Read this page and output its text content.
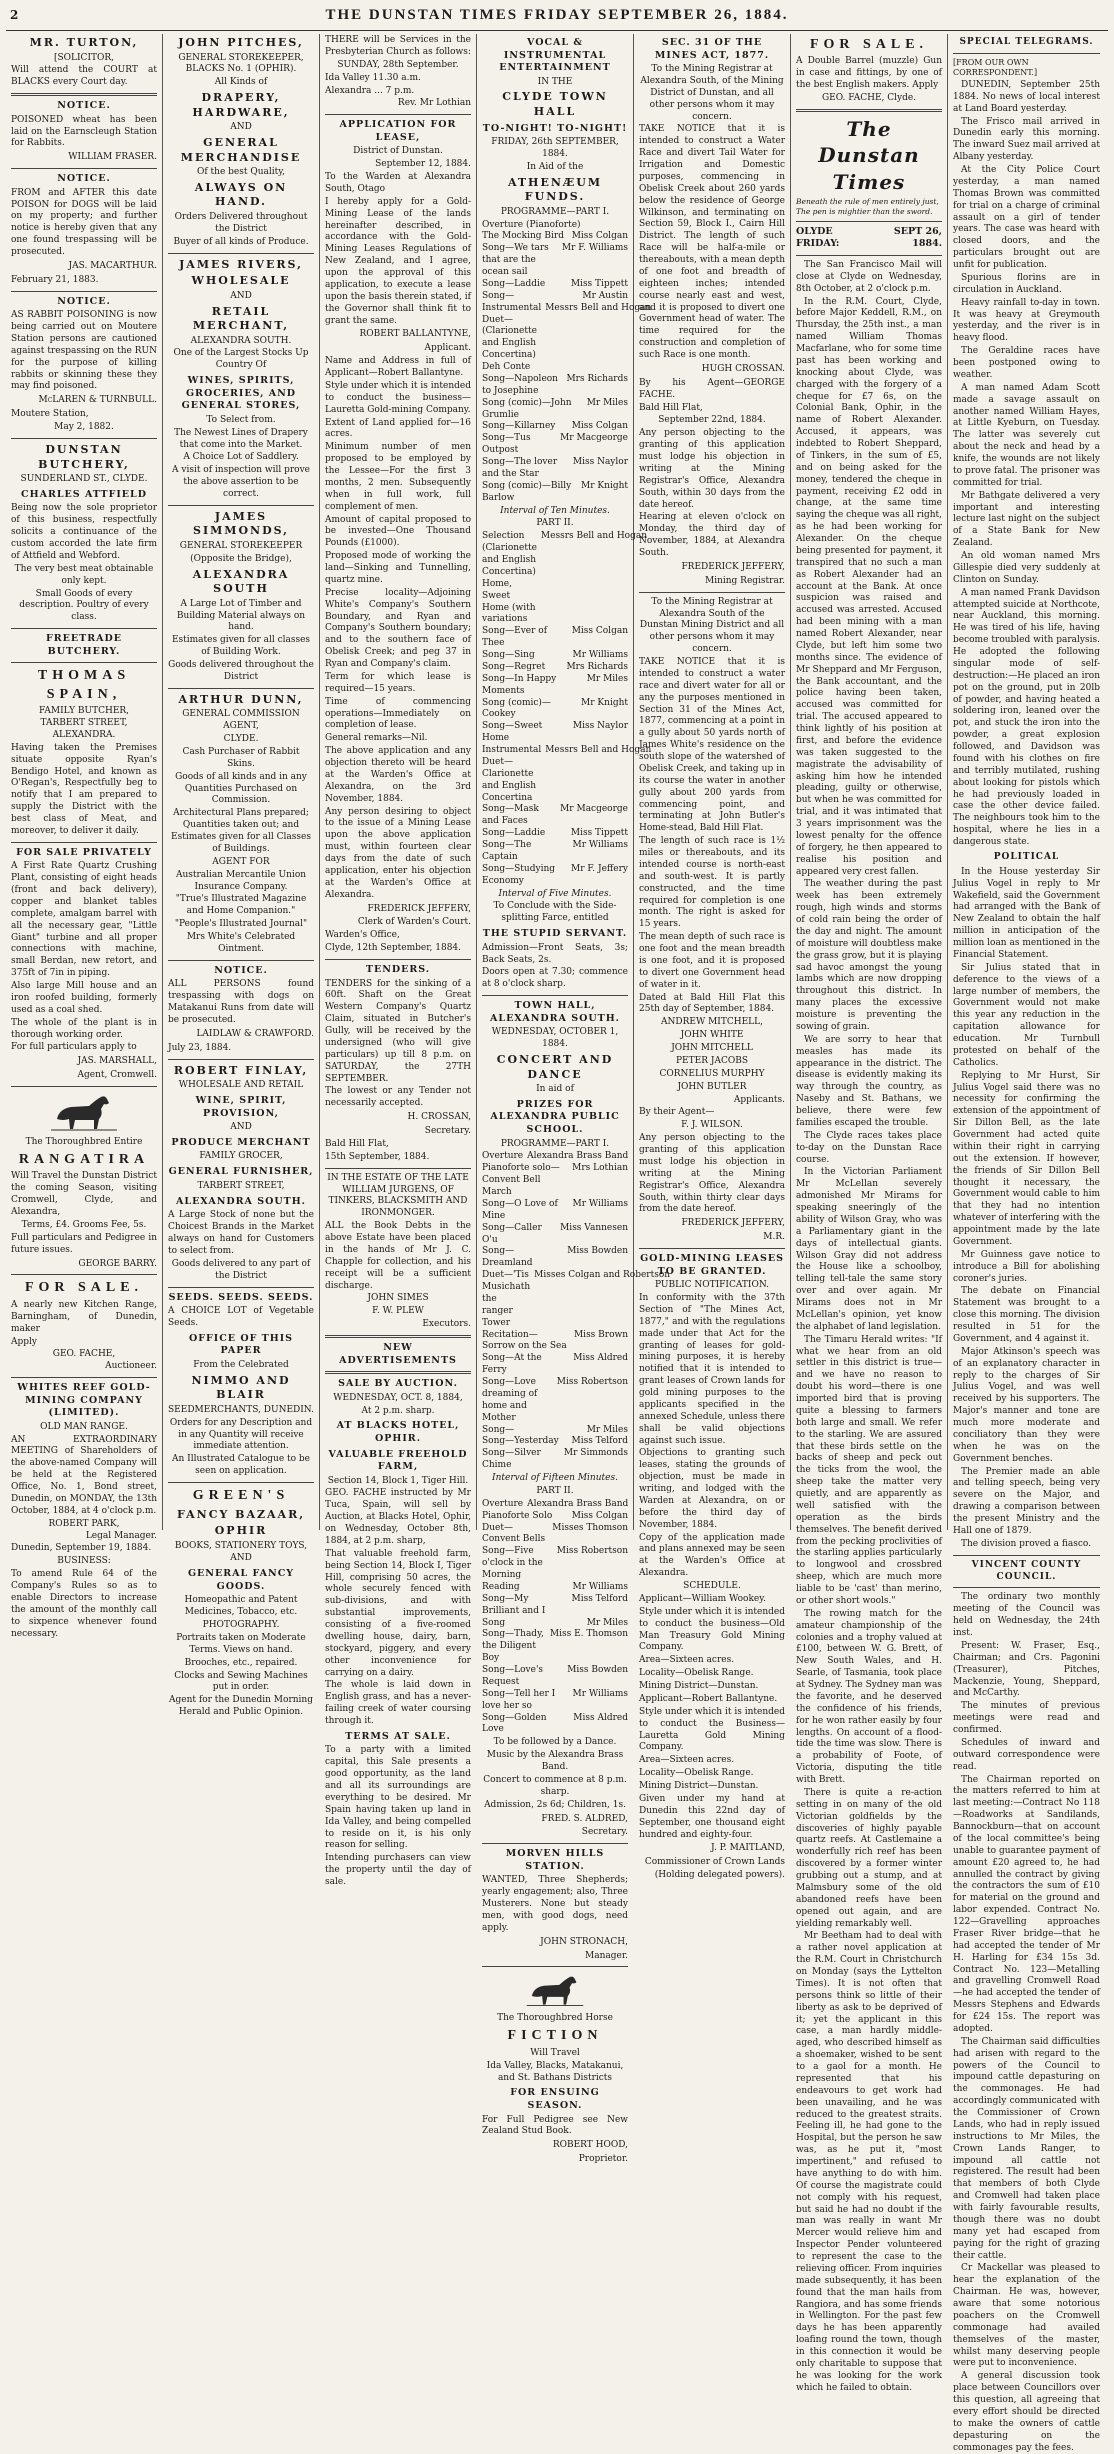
2	THE DUNSTAN TIMES FRIDAY SEPTEMBER 26, 1884.
MR. TURTON,
[SOLICITOR,

Will attend the COURT at BLACKS every Court day.

NOTICE.

POISONED wheat has been laid on the Earnscleugh Station for Rabbits.

WILLIAM FRASER.
NOTICE.

FROM and AFTER this date POISON for DOGS will be laid on my property; and further notice is hereby given that any one found trespassing will be prosecuted.

JAS. MACARTHUR.

February 21, 1883.

NOTICE.

AS RABBIT POISONING is now being carried out on Moutere Station persons are cautioned against trespassing on the RUN for the purpose of killing rabbits or skinning these they may find poisoned.

McLAREN & TURNBULL.

Moutere Station,

May 2, 1882.

DUNSTAN BUTCHERY,
SUNDERLAND ST., CLYDE.
CHARLES ATTFIELD

Being now the sole proprietor of this business, respectfully solicits a continuance of the custom accorded the late firm of Attfield and Webford.

The very best meat obtainable only kept.

Small Goods of every description. Poultry of every class.

FREETRADE BUTCHERY.
THOMAS SPAIN,
FAMILY BUTCHER,
TARBERT STREET, ALEXANDRA.

Having taken the Premises situate opposite Ryan's Bendigo Hotel, and known as O'Regan's, Respectfully beg to notify that I am prepared to supply the District with the best class of Meat, and moreover, to deliver it daily.

FOR SALE PRIVATELY

A First Rate Quartz Crushing Plant, consisting of eight heads (front and back delivery), copper and blanket tables complete, amalgam barrel with all the necessary gear, "Little Giant" turbine and all proper connections with machine, small Berdan, new retort, and 375ft of 7in in piping.

Also large Mill house and an iron roofed building, formerly used as a coal shed.

The whole of the plant is in thorough working order.

For full particulars apply to

JAS. MARSHALL,
Agent, Cromwell.

The Thoroughbred Entire

RANGATIRA

Will Travel the Dunstan District the coming Season, visiting Cromwell, Clyde, and Alexandra,

Terms, £4. Grooms Fee, 5s.

Full particulars and Pedigree in future issues.

GEORGE BARRY.
FOR SALE.

A nearly new Kitchen Range, Barningham, of Dunedin, maker

Apply

GEO. FACHE,
Auctioneer.
WHITES REEF GOLD-MINING COMPANY (LIMITED).
OLD MAN RANGE.

AN EXTRAORDINARY MEETING of Shareholders of the above-named Company will be held at the Registered Office, No. 1, Bond street, Dunedin, on MONDAY, the 13th October, 1884, at 4 o'clock p.m.

ROBERT PARK,
Legal Manager.

Dunedin, September 19, 1884.

BUSINESS:

To amend Rule 64 of the Company's Rules so as to enable Directors to increase the amount of the monthly call to sixpence whenever found necessary.

JOHN PITCHES,
GENERAL STOREKEEPER,
BLACKS No. 1 (OPHIR).

All Kinds of

DRAPERY, HARDWARE,

AND

GENERAL MERCHANDISE

Of the best Quality,

ALWAYS ON HAND.

Orders Delivered throughout the District

Buyer of all kinds of Produce.

JAMES RIVERS,
WHOLESALE

AND

RETAIL MERCHANT,
ALEXANDRA SOUTH.

One of the Largest Stocks Up Country Of

WINES, SPIRITS, GROCERIES, AND GENERAL STORES,

To Select from.

The Newest Lines of Drapery that come into the Market.

A Choice Lot of Saddlery.

A visit of inspection will prove the above assertion to be correct.

JAMES SIMMONDS,
GENERAL STOREKEEPER

(Opposite the Bridge),

ALEXANDRA SOUTH

A Large Lot of Timber and Building Material always on hand.

Estimates given for all classes of Building Work.

Goods delivered throughout the District

ARTHUR DUNN,
GENERAL COMMISSION AGENT,

CLYDE.

Cash Purchaser of Rabbit Skins.

Goods of all kinds and in any Quantities Purchased on Commission.

Architectural Plans prepared; Quantities taken out; and Estimates given for all Classes of Buildings.

AGENT FOR

Australian Mercantile Union Insurance Company.

"True's Illustrated Magazine and Home Companion."

"People's Illustrated Journal"

Mrs White's Celebrated Ointment.

NOTICE.

ALL PERSONS found trespassing with dogs on Matakanui Runs from date will be prosecuted.

LAIDLAW & CRAWFORD.

July 23, 1884.

ROBERT FINLAY,

WHOLESALE AND RETAIL

WINE, SPIRIT, PROVISION,

AND

PRODUCE MERCHANT

FAMILY GROCER,

GENERAL FURNISHER,

TARBERT STREET,

ALEXANDRA SOUTH.

A Large Stock of none but the Choicest Brands in the Market always on hand for Customers to select from.

Goods delivered to any part of the District

SEEDS. SEEDS. SEEDS.

A CHOICE LOT of Vegetable Seeds.

OFFICE OF THIS PAPER

From the Celebrated

NIMMO AND BLAIR

SEEDMERCHANTS, DUNEDIN.

Orders for any Description and in any Quantity will receive immediate attention.

An Illustrated Catalogue to be seen on application.

GREEN'S
FANCY BAZAAR,
OPHIR

BOOKS, STATIONERY TOYS,

AND

GENERAL FANCY GOODS.

Homeopathic and Patent Medicines, Tobacco, etc.

PHOTOGRAPHY.

Portraits taken on Moderate Terms. Views on hand.

Brooches, etc., repaired.

Clocks and Sewing Machines put in order.

Agent for the Dunedin Morning Herald and Public Opinion.

THERE will be Services in the Presbyterian Church as follows:

SUNDAY, 28th September.

Ida Valley 11.30 a.m.

Alexandra ... 7 p.m.

Rev. Mr Lothian

APPLICATION FOR LEASE,

District of Dunstan.

September 12, 1884.

To the Warden at Alexandra South, Otago

I hereby apply for a Gold-Mining Lease of the lands hereinafter described, in accordance with the Gold-Mining Leases Regulations of New Zealand, and I agree, upon the approval of this application, to execute a lease upon the basis therein stated, if the Governor shall think fit to grant the same.

ROBERT BALLANTYNE,

Applicant.

Name and Address in full of Applicant—Robert Ballantyne.

Style under which it is intended to conduct the business—Lauretta Gold-mining Company.

Extent of Land applied for—16 acres.

Minimum number of men proposed to be employed by the Lessee—For the first 3 months, 2 men. Subsequently when in full work, full complement of men.

Amount of capital proposed to be invested—One Thousand Pounds (£1000).

Proposed mode of working the land—Sinking and Tunnelling, quartz mine.

Precise locality—Adjoining White's Company's Southern Boundary, and Ryan and Company's Southern boundary; and to the southern face of Obelisk Creek; and peg 37 in Ryan and Company's claim.

Term for which lease is required—15 years.

Time of commencing operations—Immediately on completion of lease.

General remarks—Nil.

The above application and any objection thereto will be heard at the Warden's Office at Alexandra, on the 3rd November, 1884.

Any person desiring to object to the issue of a Mining Lease upon the above application must, within fourteen clear days from the date of such application, enter his objection at the Warden's Office at Alexandra.

FREDERICK JEFFERY,

Clerk of Warden's Court.

Warden's Office,

Clyde, 12th September, 1884.

TENDERS.

TENDERS for the sinking of a 60ft. Shaft on the Great Western Company's Quartz Claim, situated in Butcher's Gully, will be received by the undersigned (who will give particulars) up till 8 p.m. on SATURDAY, the 27TH SEPTEMBER.

The lowest or any Tender not necessarily accepted.

H. CROSSAN,

Secretary.

Bald Hill Flat,

15th September, 1884.

IN THE ESTATE OF THE LATE WILLIAM JURGENS, OF TINKERS, BLACKSMITH AND IRONMONGER.

ALL the Book Debts in the above Estate have been placed in the hands of Mr J. C. Chapple for collection, and his receipt will be a sufficient discharge.

JOHN SIMES

F. W. PLEW

Executors.

NEW ADVERTISEMENTS
SALE BY AUCTION.

WEDNESDAY, OCT. 8, 1884,

At 2 p.m. sharp.

AT BLACKS HOTEL, OPHIR.
VALUABLE FREEHOLD FARM,

Section 14, Block 1, Tiger Hill.

GEO. FACHE instructed by Mr Tuca, Spain, will sell by Auction, at Blacks Hotel, Ophir, on Wednesday, October 8th, 1884, at 2 p.m. sharp,

That valuable freehold farm, being Section 14, Block I, Tiger Hill, comprising 50 acres, the whole securely fenced with sub-divisions, and with substantial improvements, consisting of a five-roomed dwelling house, dairy, barn, stockyard, piggery, and every other inconvenience for carrying on a dairy.

The whole is laid down in English grass, and has a never-failing creek of water coursing through it.

TERMS AT SALE.

To a party with a limited capital, this Sale presents a good opportunity, as the land and all its surroundings are everything to be desired. Mr Spain having taken up land in Ida Valley, and being compelled to reside on it, is his only reason for selling.

Intending purchasers can view the property until the day of sale.

VOCAL & INSTRUMENTAL ENTERTAINMENT

IN THE

CLYDE TOWN HALL
TO-NIGHT! TO-NIGHT!

FRIDAY, 26th SEPTEMBER, 1884.

In Aid of the

ATHENÆUM FUNDS.

PROGRAMME—PART I.

Overture (Pianoforte)
The Mocking Bird Miss Colgan
Song—We tars that are the ocean sail
Mr F. Williams
Song—Laddie	Miss Tippett
Song—	Mr Austin
Instrumental Duet—(Clarionette and English Concertina) Deh Conte
Messrs Bell and Hogan
Song—Napoleon to Josephine
Mrs Richards
Song (comic)—John Grumlie
Mr Miles
Song—Killarney Miss Colgan
Song—Tus Outpost
Mr Macgeorge
Song—The lover and the Star
Miss Naylor
Song (comic)—Billy Barlow
Mr Knight

Interval of Ten Minutes.

PART II.

Selection (Clarionette and English Concertina) Home, Sweet Home (with variations
Messrs Bell and Hogan
Song—Ever of Thee
Miss Colgan
Song—Sing	Mr Williams
Song—Regret Mrs Richards
Song—In Happy Moments
Mr Miles
Song (comic)—Cookey
Mr Knight
Song—Sweet Home
Miss Naylor
Instrumental Duet—Clarionette and English Concertina
Messrs Bell and Hogan
Song—Mask and Faces
Mr Macgeorge
Song—Laddie	Miss Tippett
Song—The Captain
Mr Williams
Song—Studying Economy
Mr F. Jeffery

Interval of Five Minutes.

To Conclude with the Side-splitting Farce, entitled

THE STUPID SERVANT.

Admission—Front Seats, 3s; Back Seats, 2s.

Doors open at 7.30; commence at 8 o'clock sharp.

TOWN HALL, ALEXANDRA SOUTH.

WEDNESDAY, OCTOBER 1, 1884.

CONCERT AND DANCE

In aid of

PRIZES FOR ALEXANDRA PUBLIC SCHOOL.

PROGRAMME—PART I.

Overture Alexandra Brass Band
Pianoforte solo—Convent Bell March
Mrs Lothian
Song—O Love of Mine
Mr Williams
Song—Caller O'u
Miss Vannesen
Song—Dreamland
Miss Bowden
Duet—'Tis Musichath the ranger Tower
Misses Colgan and Robertson
Recitation—Sorrow on the Sea
Miss Brown
Song—At the Ferry
Miss Aldred
Song—Love dreaming of home and Mother
Miss Robertson
Song—	Mr Miles
Song—Yesterday Miss Telford
Song—Silver Chime
Mr Simmonds

Interval of Fifteen Minutes.

PART II.

Overture Alexandra Brass Band
Pianoforte Solo Miss Colgan
Duet—Convent Bells
Misses Thomson
Song—Five o'clock in the Morning
Miss Robertson
Reading	Mr Williams
Song—My Brilliant and I
Miss Telford
Song	Mr Miles
Song—Thady, the Diligent Boy
Miss E. Thomson
Song—Love's Request
Miss Bowden
Song—Tell her I love her so
Mr Williams
Song—Golden Love
Miss Aldred

To be followed by a Dance.

Music by the Alexandra Brass Band.

Concert to commence at 8 p.m. sharp.

Admission, 2s 6d; Children, 1s.

FRED. S. ALDRED,

Secretary.

MORVEN HILLS STATION.

WANTED, Three Shepherds; yearly engagement; also, Three Musterers. None but steady men, with good dogs, need apply.

JOHN STRONACH,

Manager.

The Thoroughbred Horse

FICTION

Will Travel

Ida Valley, Blacks, Matakanui, and St. Bathans Districts

FOR ENSUING SEASON.

For Full Pedigree see New Zealand Stud Book.

ROBERT HOOD,

Proprietor.

SEC. 31 OF THE MINES ACT, 1877.

To the Mining Registrar at Alexandra South, of the Mining District of Dunstan, and all other persons whom it may concern.

TAKE NOTICE that it is intended to construct a Water Race and divert Tail Water for Irrigation and Domestic purposes, commencing in Obelisk Creek about 260 yards below the residence of George Wilkinson, and terminating on Section 59, Block I., Cairn Hill District. The length of such Race will be half-a-mile or thereabouts, with a mean depth of one foot and breadth of eighteen inches; intended course nearly east and west, and it is proposed to divert one Government head of water. The time required for the construction and completion of such Race is one month.

HUGH CROSSAN.

By his Agent—GEORGE FACHE.

Bald Hill Flat,

September 22nd, 1884.

Any person objecting to the granting of this application must lodge his objection in writing at the Mining Registrar's Office, Alexandra South, within 30 days from the date hereof.

Hearing at eleven o'clock on Monday, the third day of November, 1884, at Alexandra South.

FREDERICK JEFFERY,

Mining Registrar.

To the Mining Registrar at Alexandra South of the Dunstan Mining District and all other persons whom it may concern.

TAKE NOTICE that it is intended to construct a water race and divert water for all or any the purposes mentioned in Section 31 of the Mines Act, 1877, commencing at a point in a gully about 50 yards north of James White's residence on the south slope of the watershed of Obelisk Creek, and taking up in its course the water in another gully about 200 yards from commencing point, and terminating at John Butler's Home-stead, Bald Hill Flat.

The length of such race is 1½ miles or thereabouts, and its intended course is north-east and south-west. It is partly constructed, and the time required for completion is one month. The right is asked for 15 years.

The mean depth of such race is one foot and the mean breadth is one foot, and it is proposed to divert one Government head of water in it.

Dated at Bald Hill Flat this 25th day of September, 1884.

ANDREW MITCHELL,

JOHN WHITE

JOHN MITCHELL

PETER JACOBS

CORNELIUS MURPHY

JOHN BUTLER

Applicants.

By their Agent—

F. J. WILSON.

Any person objecting to the granting of this application must lodge his objection in writing at the Mining Registrar's Office, Alexandra South, within thirty clear days from the date hereof.

FREDERICK JEFFERY,

M.R.

GOLD-MINING LEASES TO BE GRANTED.

PUBLIC NOTIFICATION.

In conformity with the 37th Section of "The Mines Act, 1877," and with the regulations made under that Act for the granting of leases for gold-mining purposes, it is hereby notified that it is intended to grant leases of Crown lands for gold mining purposes to the applicants specified in the annexed Schedule, unless there shall be valid objections against such issue.

Objections to granting such leases, stating the grounds of objection, must be made in writing, and lodged with the Warden at Alexandra, on or before the third day of November, 1884.

Copy of the application made and plans annexed may be seen at the Warden's Office at Alexandra.

SCHEDULE.

Applicant—William Wookey.

Style under which it is intended to conduct the business—Old Man Treasury Gold Mining Company.

Area—Sixteen acres.

Locality—Obelisk Range.

Mining District—Dunstan.

Applicant—Robert Ballantyne.

Style under which it is intended to conduct the Business—Lauretta Gold Mining Company.

Area—Sixteen acres.

Locality—Obelisk Range.

Mining District—Dunstan.

Given under my hand at Dunedin this 22nd day of September, one thousand eight hundred and eighty-four.

J. P. MAITLAND,

Commissioner of Crown Lands

(Holding delegated powers).

FOR SALE.

A Double Barrel (muzzle) Gun in case and fittings, by one of the best English makers. Apply

GEO. FACHE, Clyde.
The Dunstan Times

Beneath the rule of men entirely just,

The pen is mightier than the sword.

OLYDE FRIDAY:
SEPT 26, 1884.

The San Francisco Mail will close at Clyde on Wednesday, 8th October, at 2 o'clock p.m.

In the R.M. Court, Clyde, before Major Keddell, R.M., on Thursday, the 25th inst., a man named William Thomas Macfarlane, who for some time past has been working and knocking about Clyde, was charged with the forgery of a cheque for £7 6s, on the Colonial Bank, Ophir, in the name of Robert Alexander. Accused, it appears, was indebted to Robert Sheppard, of Tinkers, in the sum of £5, and on being asked for the money, tendered the cheque in payment, receiving £2 odd in change, at the same time saying the cheque was all right, as he had been working for Alexander. On the cheque being presented for payment, it transpired that no such a man as Robert Alexander had an account at the Bank. At once suspicion was raised and accused was arrested. Accused had been mining with a man named Robert Alexander, near Clyde, but left him some two months since. The evidence of Mr Sheppard and Mr Ferguson, the Bank accountant, and the police having been taken, accused was committed for trial. The accused appeared to think lightly of his position at first, and before the evidence was taken suggested to the magistrate the advisability of asking him how he intended pleading, guilty or otherwise, but when he was committed for trial, and it was intimated that 3 years imprisonment was the lowest penalty for the offence of forgery, he then appeared to realise his position and appeared very crest fallen.

The weather during the past week has been extremely rough, high winds and storms of cold rain being the order of the day and night. The amount of moisture will doubtless make the grass grow, but it is playing sad havoc amongst the young lambs which are now dropping throughout this district. In many places the excessive moisture is preventing the sowing of grain.

We are sorry to hear that measles has made its appearance in the district. The disease is evidently making its way through the country, as Naseby and St. Bathans, we believe, there were few families escaped the trouble.

The Clyde races takes place to-day on the Dunstan Race course.

In the Victorian Parliament Mr McLellan severely admonished Mr Mirams for speaking sneeringly of the ability of Wilson Gray, who was a Parliamentary giant in the days of intellectual giants. Wilson Gray did not address the House like a schoolboy, telling tell-tale the same story over and over again. Mr Mirams does not in Mr McLellan's opinion, yet know the alphabet of land legislation.

The Timaru Herald writes: "If what we hear from an old settler in this district is true—and we have no reason to doubt his word—there is one imported bird that is proving quite a blessing to farmers both large and small. We refer to the starling. We are assured that these birds settle on the backs of sheep and peck out the ticks from the wool, the sheep take the matter very quietly, and are apparently as well satisfied with the operation as the birds themselves. The benefit derived from the pecking proclivities of the starling applies particularly to longwool and crossbred sheep, which are much more liable to be 'cast' than merino, or other short wools."

The rowing match for the amateur championship of the colonies and a trophy valued at £100, between W. G. Brett, of New South Wales, and H. Searle, of Tasmania, took place at Sydney. The Sydney man was the favorite, and he deserved the confidence of his friends, for he won rather easily by four lengths. On account of a flood-tide the time was slow. There is a probability of Foote, of Victoria, disputing the title with Brett.

There is quite a re-action setting in on many of the old Victorian goldfields by the discoveries of highly payable quartz reefs. At Castlemaine a wonderfully rich reef has been discovered by a former winter grubbing out a stump, and at Malmsbury some of the old abandoned reefs have been opened out again, and are yielding remarkably well.

Mr Beetham had to deal with a rather novel application at the R.M. Court in Christchurch on Monday (says the Lyttelton Times). It is not often that persons think so little of their liberty as ask to be deprived of it; yet the applicant in this case, a man hardly middle-aged, who described himself as a shoemaker, wished to be sent to a gaol for a month. He represented that his endeavours to get work had been unavailing, and he was reduced to the greatest straits. Feeling ill, he had gone to the Hospital, but the person he saw was, as he put it, "most impertinent," and refused to have anything to do with him. Of course the magistrate could not comply with his request, but said he had no doubt if the man was really in want Mr Mercer would relieve him and Inspector Pender volunteered to represent the case to the relieving officer. From inquiries made subsequently, it has been found that the man hails from Rangiora, and has some friends in Wellington. For the past few days he has been apparently loafing round the town, though in this connection it would be only charitable to suppose that he was looking for the work which he failed to obtain.

SPECIAL TELEGRAMS.

[FROM OUR OWN CORRESPONDENT.]

DUNEDIN, September 25th 1884. No news of local interest at Land Board yesterday.

The Frisco mail arrived in Dunedin early this morning. The inward Suez mail arrived at Albany yesterday.

At the City Police Court yesterday, a man named Thomas Brown was committed for trial on a charge of criminal assault on a girl of tender years. The case was heard with closed doors, and the particulars brought out are unfit for publication.

Spurious florins are in circulation in Auckland.

Heavy rainfall to-day in town. It was heavy at Greymouth yesterday, and the river is in heavy flood.

The Geraldine races have been postponed owing to weather.

A man named Adam Scott made a savage assault on another named William Hayes, at Little Kyeburn, on Tuesday. The latter was severely cut about the neck and head by a knife, the wounds are not likely to prove fatal. The prisoner was committed for trial.

Mr Bathgate delivered a very important and interesting lecture last night on the subject of a State Bank for New Zealand.

An old woman named Mrs Gillespie died very suddenly at Clinton on Sunday.

A man named Frank Davidson attempted suicide at Northcote, near Auckland, this morning. He was tired of his life, having become troubled with paralysis. He adopted the following singular mode of self-destruction:—He placed an iron pot on the ground, put in 20lb of powder, and having heated a soldering iron, leaned over the pot, and stuck the iron into the powder, a great explosion followed, and Davidson was found with his clothes on fire and terribly mutilated, rushing about looking for pistols which he had previously loaded in case the other device failed. The neighbours took him to the hospital, where he lies in a dangerous state.

POLITICAL

In the House yesterday Sir Julius Vogel in reply to Mr Wakefield, said the Government had arranged with the Bank of New Zealand to obtain the half million in anticipation of the million loan as mentioned in the Financial Statement.

Sir Julius stated that in deference to the views of a large number of members, the Government would not make this year any reduction in the capitation allowance for education. Mr Turnbull protested on behalf of the Catholics.

Replying to Mr Hurst, Sir Julius Vogel said there was no necessity for confirming the extension of the appointment of Sir Dillon Bell, as the late Government had acted quite within their right in carrying out the extension. If however, the friends of Sir Dillon Bell thought it necessary, the Government would cable to him that they had no intention whatever of interfering with the appointment made by the late Government.

Mr Guinness gave notice to introduce a Bill for abolishing coroner's juries.

The debate on Financial Statement was brought to a close this morning. The division resulted in 51 for the Government, and 4 against it.

Major Atkinson's speech was of an explanatory character in reply to the charges of Sir Julius Vogel, and was well received by his supporters. The Major's manner and tone are much more moderate and conciliatory than they were when he was on the Government benches.

The Premier made an able and telling speech, being very severe on the Major, and drawing a comparison between the present Ministry and the Hall one of 1879.

The division proved a fiasco.

VINCENT COUNTY COUNCIL.

The ordinary two monthly meeting of the Council was held on Wednesday, the 24th inst.

Present: W. Fraser, Esq., Chairman; and Crs. Pagonini (Treasurer), Pitches, Mackenzie, Young, Sheppard, and McCarthy.

The minutes of previous meetings were read and confirmed.

Schedules of inward and outward correspondence were read.

The Chairman reported on the matters referred to him at last meeting:—Contract No 118—Roadworks at Sandilands, Bannockburn—that on account of the local committee's being unable to guarantee payment of amount £20 agreed to, he had annulled the contract by giving the contractors the sum of £10 for material on the ground and labor expended. Contract No. 122—Gravelling approaches Fraser River bridge—that he had accepted the tender of Mr H. Harling for £34 15s 3d. Contract No. 123—Metalling and gravelling Cromwell Road—he had accepted the tender of Messrs Stephens and Edwards for £24 15s. The report was adopted.

The Chairman said difficulties had arisen with regard to the powers of the Council to impound cattle depasturing on the commonages. He had accordingly communicated with the Commissioner of Crown Lands, who had in reply issued instructions to Mr Miles, the Crown Lands Ranger, to impound all cattle not registered. The result had been that members of both Clyde and Cromwell had taken place with fairly favourable results, though there was no doubt many yet had escaped from paying for the right of grazing their cattle.

Cr Mackellar was pleased to hear the explanation of the Chairman. He was, however, aware that some notorious poachers on the Cromwell commonage had availed themselves of the master, whilst many deserving people were put to inconvenience.

A general discussion took place between Councillors over this question, all agreeing that every effort should be directed to make the owners of cattle depasturing on the commonages pay the fees.
